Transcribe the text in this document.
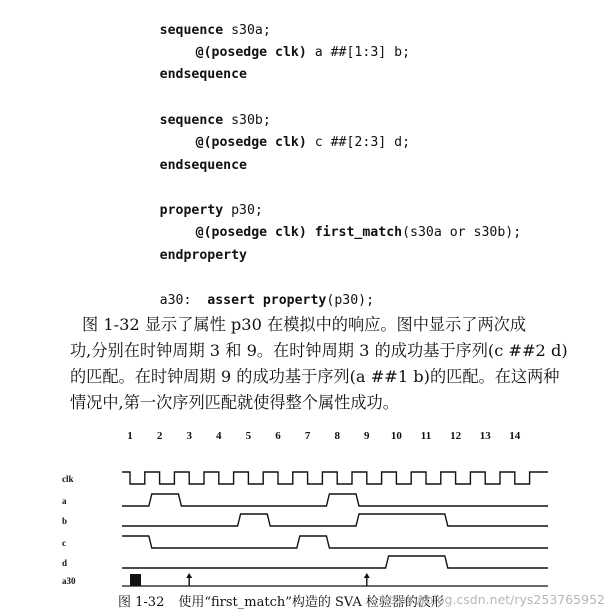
sequence s30a;

@(posedge clk) a ##[1:3] b;

endsequence

sequence s30b;

@(posedge clk) c ##[2:3] d;

endsequence

property p30;

@(posedge clk) first_match(s30a or s30b);

endproperty

a30:  assert property(p30);

图 1-32 显示了属性 p30 在模拟中的响应。图中显示了两次成
功,分别在时钟周期 3 和 9。在时钟周期 3 的成功基于序列(c ##2 d)
的匹配。在时钟周期 9 的成功基于序列(a ##1 b)的匹配。在这两种
情况中,第一次序列匹配就使得整个属性成功。
1 2 3 4 5 6 7 8 9 10 11 12 13 14
clk
a
b
c
d
a30
图 1-32 使用“first_match”构造的 SVA 检验器的波形
https://blog.csdn.net/rys253765952
